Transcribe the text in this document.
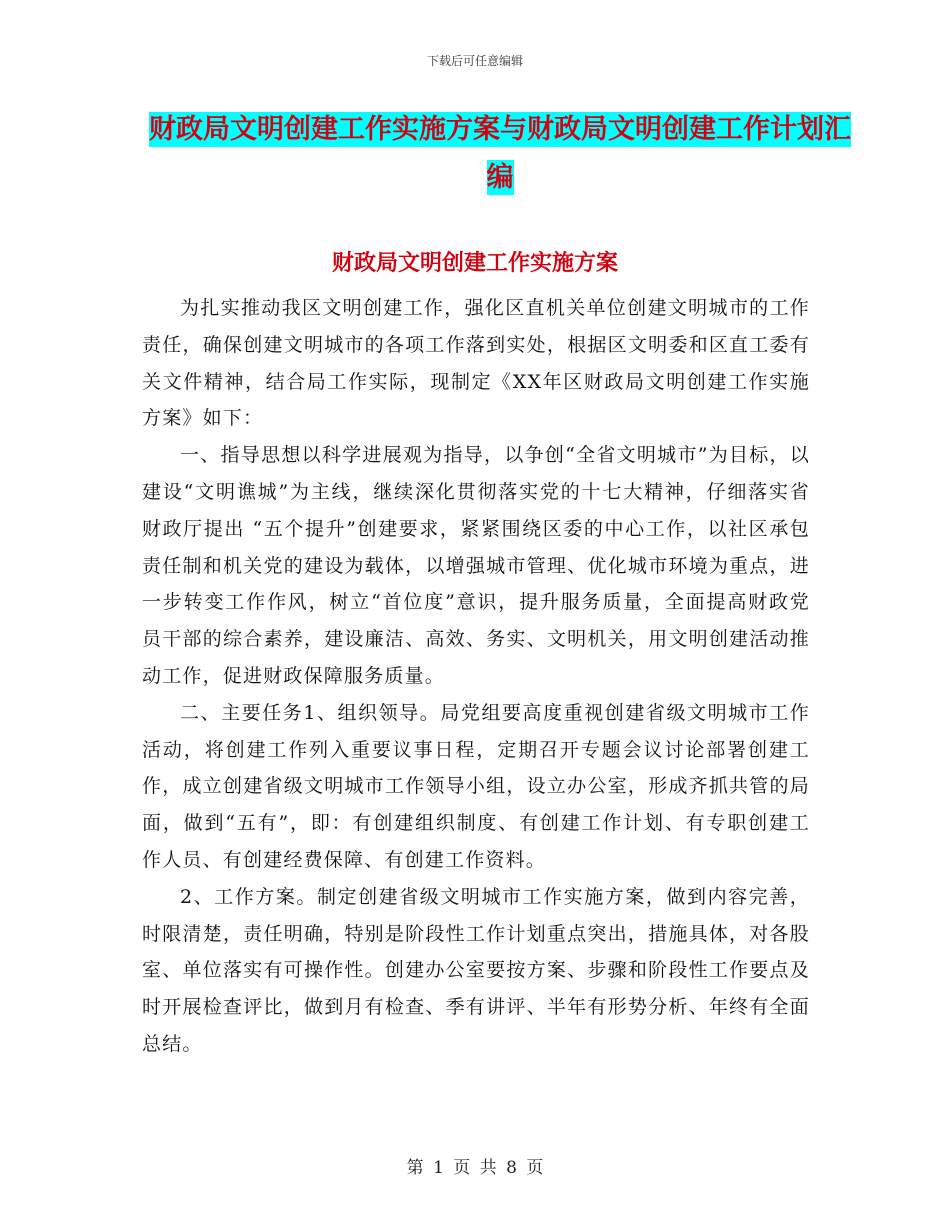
下载后可任意编辑
财政局文明创建工作实施方案与财政局文明创建工作计划汇编
财政局文明创建工作实施方案

为扎实推动我区文明创建工作，强化区直机关单位创建文明城市的工作责任，确保创建文明城市的各项工作落到实处，根据区文明委和区直工委有关文件精神，结合局工作实际，现制定《XX年区财政局文明创建工作实施方案》如下：

一、指导思想以科学进展观为指导，以争创“全省文明城市”为目标，以建设“文明谯城”为主线，继续深化贯彻落实党的十七大精神，仔细落实省财政厅提出 “五个提升”创建要求，紧紧围绕区委的中心工作，以社区承包责任制和机关党的建设为载体，以增强城市管理、优化城市环境为重点，进一步转变工作作风，树立“首位度”意识，提升服务质量，全面提高财政党员干部的综合素养，建设廉洁、高效、务实、文明机关，用文明创建活动推动工作，促进财政保障服务质量。

二、主要任务1、组织领导。局党组要高度重视创建省级文明城市工作活动，将创建工作列入重要议事日程，定期召开专题会议讨论部署创建工作，成立创建省级文明城市工作领导小组，设立办公室，形成齐抓共管的局面，做到“五有”，即：有创建组织制度、有创建工作计划、有专职创建工作人员、有创建经费保障、有创建工作资料。

2、工作方案。制定创建省级文明城市工作实施方案，做到内容完善，时限清楚，责任明确，特别是阶段性工作计划重点突出，措施具体，对各股室、单位落实有可操作性。创建办公室要按方案、步骤和阶段性工作要点及时开展检查评比，做到月有检查、季有讲评、半年有形势分析、年终有全面总结。

第 1 页 共 8 页
